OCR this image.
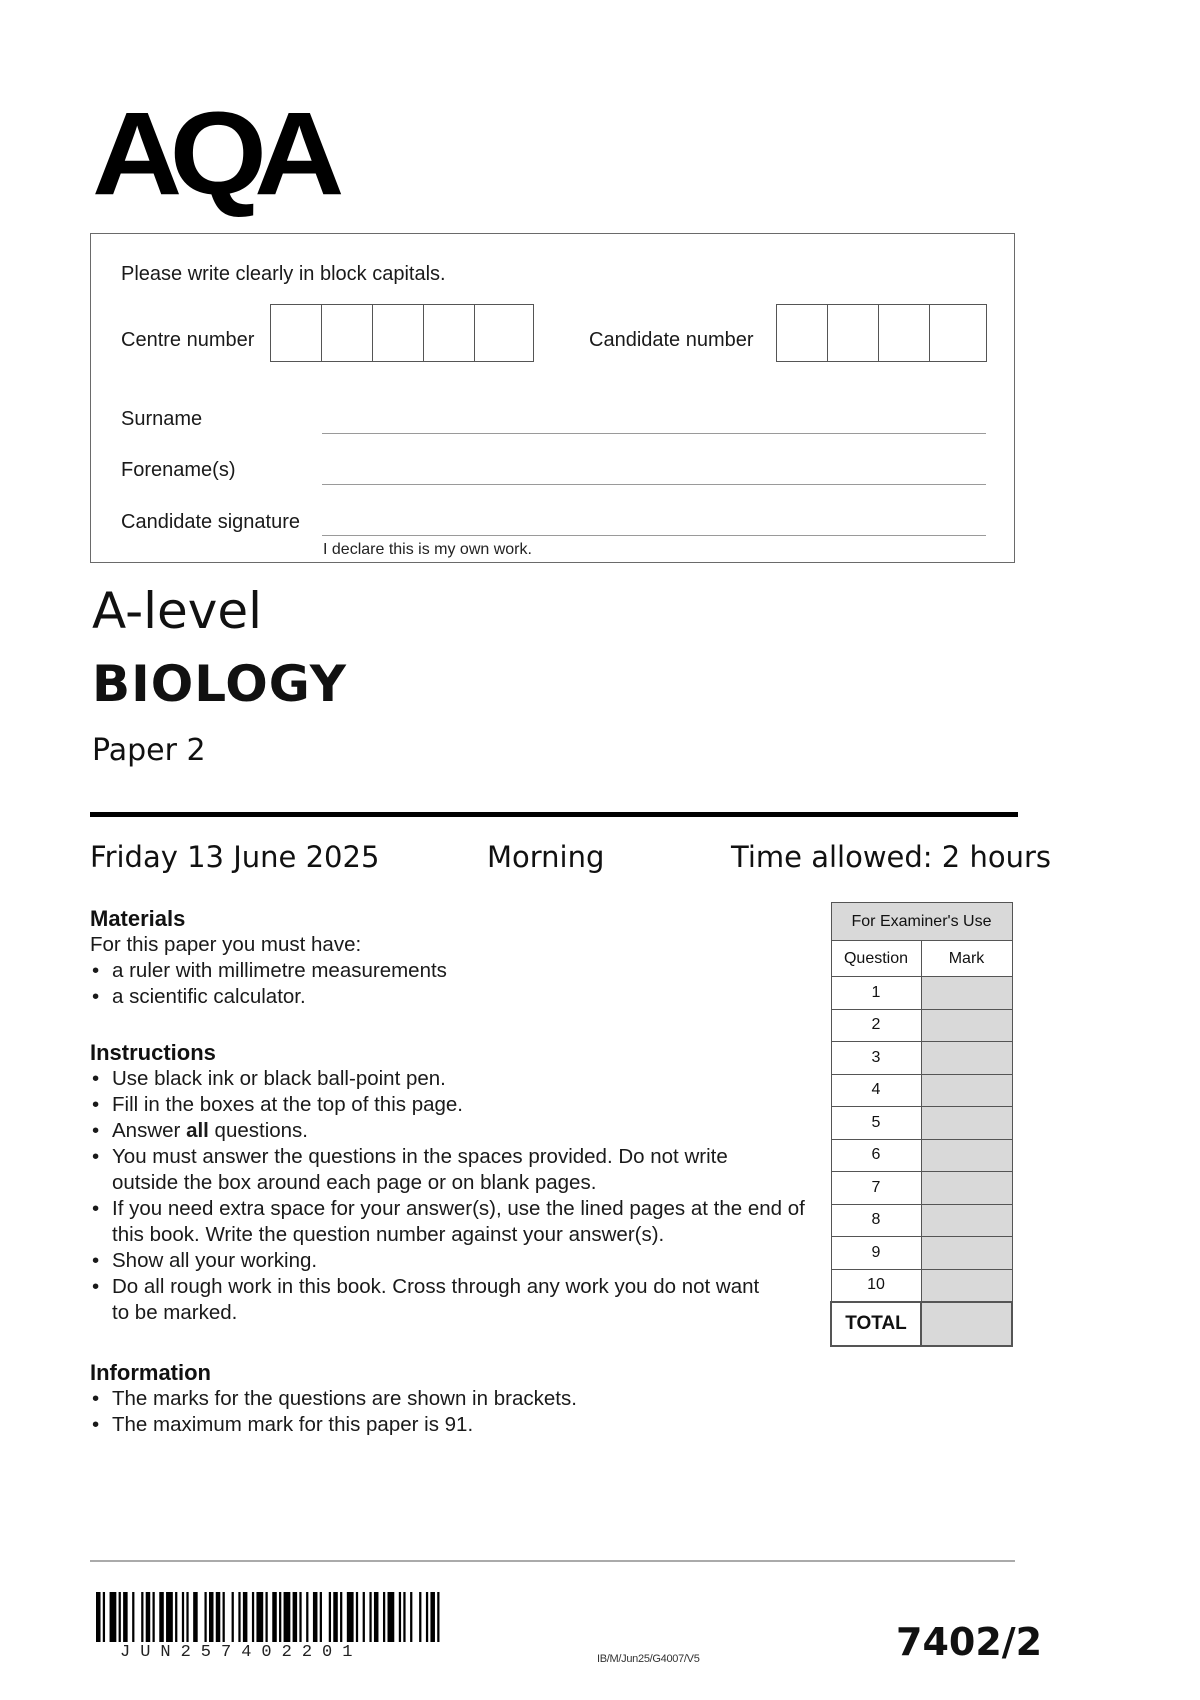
AQA
Please write clearly in block capitals.
Centre number	Candidate number
Surname
Forename(s)
Candidate signature
I declare this is my own work.
A-level
BIOLOGY
Paper 2
Friday 13 June 2025	Morning	Time allowed: 2 hours
Materials
For this paper you must have:
• a ruler with millimetre measurements
• a scientific calculator.
Instructions
• Use black ink or black ball-point pen.
• Fill in the boxes at the top of this page.
• Answer all questions.
• You must answer the questions in the spaces provided. Do not write outside the box around each page or on blank pages.
• If you need extra space for your answer(s), use the lined pages at the end of this book. Write the question number against your answer(s).
• Show all your working.
• Do all rough work in this book. Cross through any work you do not want to be marked.
Information
• The marks for the questions are shown in brackets.
• The maximum mark for this paper is 91.
For Examiner's Use	
Question	Mark
1	
2	
3	
4	
5	
6	
7	
8	
9	
10	
TOTAL	
JUN257402201	IB/M/Jun25/G4007/V5	7402/2
